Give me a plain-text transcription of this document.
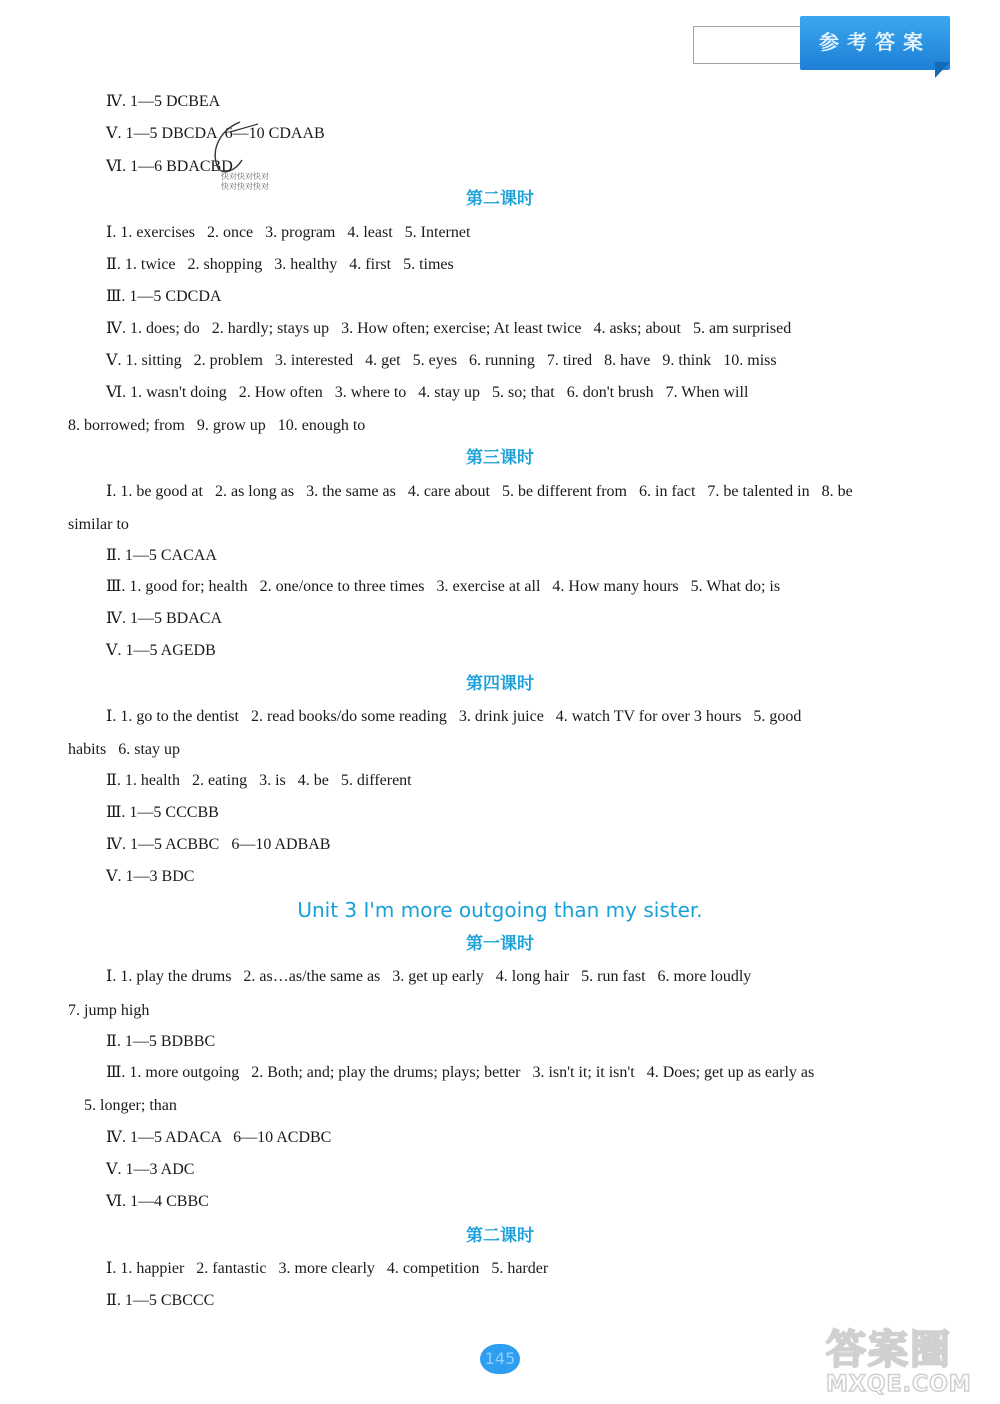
参考答案
Ⅳ. 1—5 DCBEA
Ⅴ. 1—5 DBCDA  6—10 CDAAB
Ⅵ. 1—6 BDACBD
Ⅰ. 1. exercises   2. once   3. program   4. least   5. Internet
Ⅱ. 1. twice   2. shopping   3. healthy   4. first   5. times
Ⅲ. 1—5 CDCDA
Ⅳ. 1. does; do   2. hardly; stays up   3. How often; exercise; At least twice   4. asks; about   5. am surprised
Ⅴ. 1. sitting   2. problem   3. interested   4. get   5. eyes   6. running   7. tired   8. have   9. think   10. miss
Ⅵ. 1. wasn't doing   2. How often   3. where to   4. stay up   5. so; that   6. don't brush   7. When will
8. borrowed; from   9. grow up   10. enough to
Ⅰ. 1. be good at   2. as long as   3. the same as   4. care about   5. be different from   6. in fact   7. be talented in   8. be
similar to
Ⅱ. 1—5 CACAA
Ⅲ. 1. good for; health   2. one/once to three times   3. exercise at all   4. How many hours   5. What do; is
Ⅳ. 1—5 BDACA
Ⅴ. 1—5 AGEDB
Ⅰ. 1. go to the dentist   2. read books/do some reading   3. drink juice   4. watch TV for over 3 hours   5. good
habits   6. stay up
Ⅱ. 1. health   2. eating   3. is   4. be   5. different
Ⅲ. 1—5 CCCBB
Ⅳ. 1—5 ACBBC   6—10 ADBAB
Ⅴ. 1—3 BDC
Ⅰ. 1. play the drums   2. as…as/the same as   3. get up early   4. long hair   5. run fast   6. more loudly
7. jump high
Ⅱ. 1—5 BDBBC
Ⅲ. 1. more outgoing   2. Both; and; play the drums; plays; better   3. isn't it; it isn't   4. Does; get up as early as
5. longer; than
Ⅳ. 1—5 ADACA   6—10 ACDBC
Ⅴ. 1—3 ADC
Ⅵ. 1—4 CBBC
Ⅰ. 1. happier   2. fantastic   3. more clearly   4. competition   5. harder
Ⅱ. 1—5 CBCCC
第二课时
第三课时
第四课时
第一课时
第二课时
Unit 3 I'm more outgoing than my sister.
快对快对快对
快对快对快对
145	答案圈
MXQE.COM
